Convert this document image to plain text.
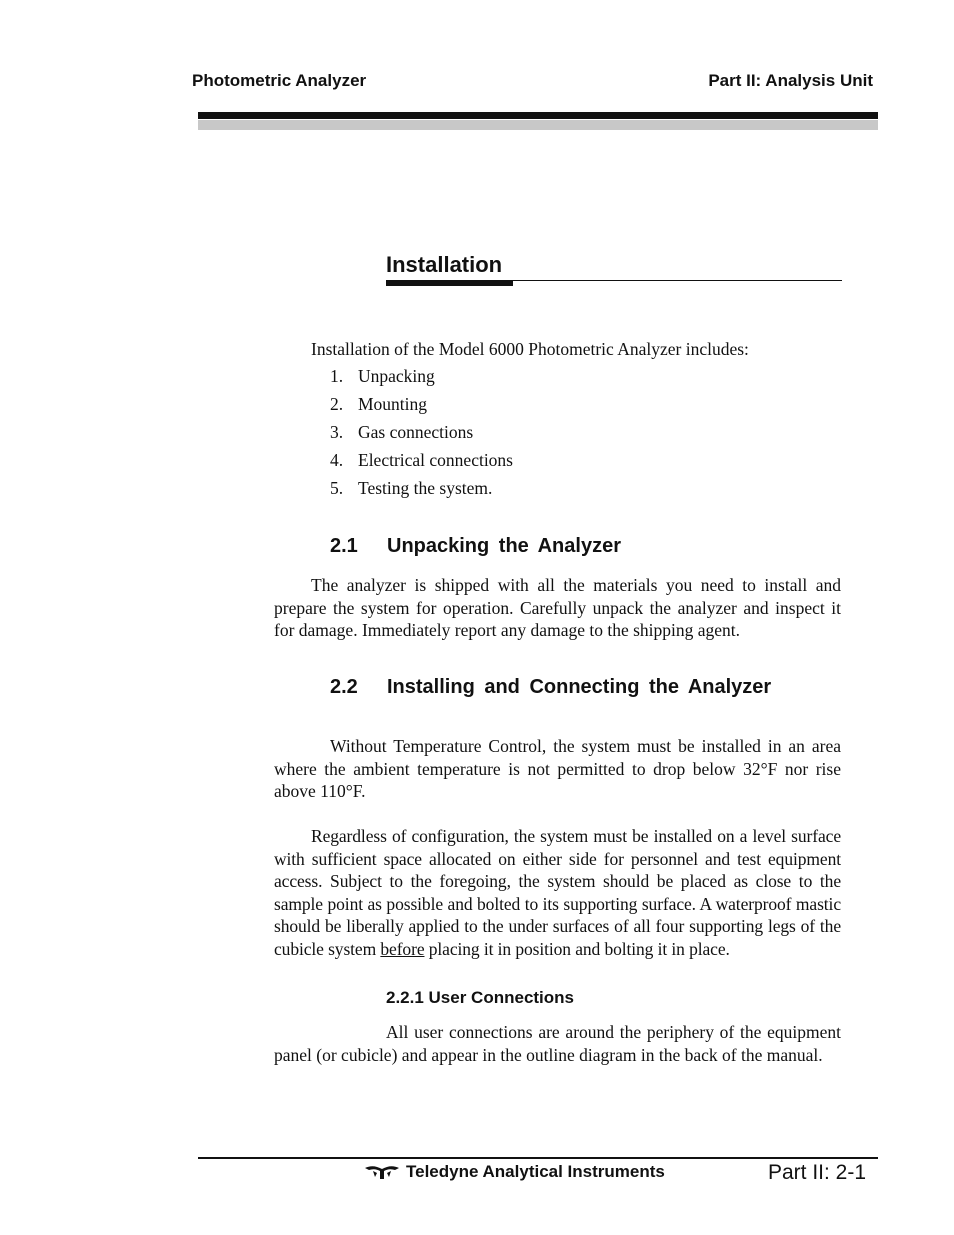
Photometric Analyzer	Part II: Analysis Unit
Installation
Installation of the Model 6000 Photometric Analyzer includes:
1. Unpacking
2. Mounting
3. Gas connections
4. Electrical connections
5. Testing the system.
2.1 Unpacking the Analyzer
The analyzer is shipped with all the materials you need to install and prepare the system for operation. Carefully unpack the analyzer and inspect it for damage. Immediately report any damage to the shipping agent.
2.2 Installing and Connecting the Analyzer
Without Temperature Control, the system must be installed in an area where the ambient temperature is not permitted to drop below 32°F nor rise above 110°F.
Regardless of configuration, the system must be installed on a level surface with sufficient space allocated on either side for personnel and test equipment access. Subject to the foregoing, the system should be placed as close to the sample point as possible and bolted to its supporting surface. A waterproof mastic should be liberally applied to the under surfaces of all four supporting legs of the cubicle system before placing it in position and bolting it in place.
2.2.1 User Connections
All user connections are around the periphery of the equipment panel (or cubicle) and appear in the outline diagram in the back of the manual.
Teledyne Analytical Instruments	Part II: 2-1
